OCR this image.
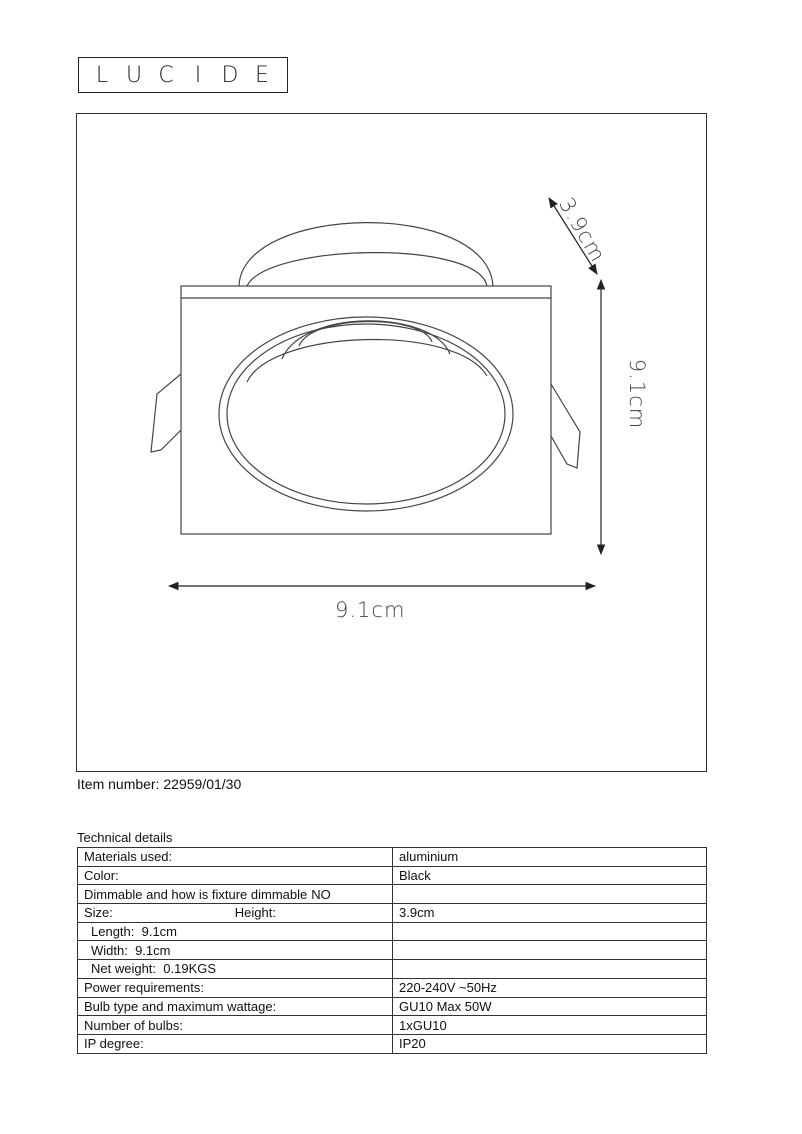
L U C I D E
9.1cm
9.1cm
3.9cm
Item number: 22959/01/30
Technical details
Materials used:	aluminium
Color:	Black
Dimmable and how is fixture dimmable NO	

Size: Height:	3.9cm
Length: 9.1cm	
Width: 9.1cm	
Net weight: 0.19KGS	
Power requirements:	220-240V ~50Hz
Bulb type and maximum wattage:	GU10 Max 50W
Number of bulbs:	1xGU10
IP degree:	IP20
